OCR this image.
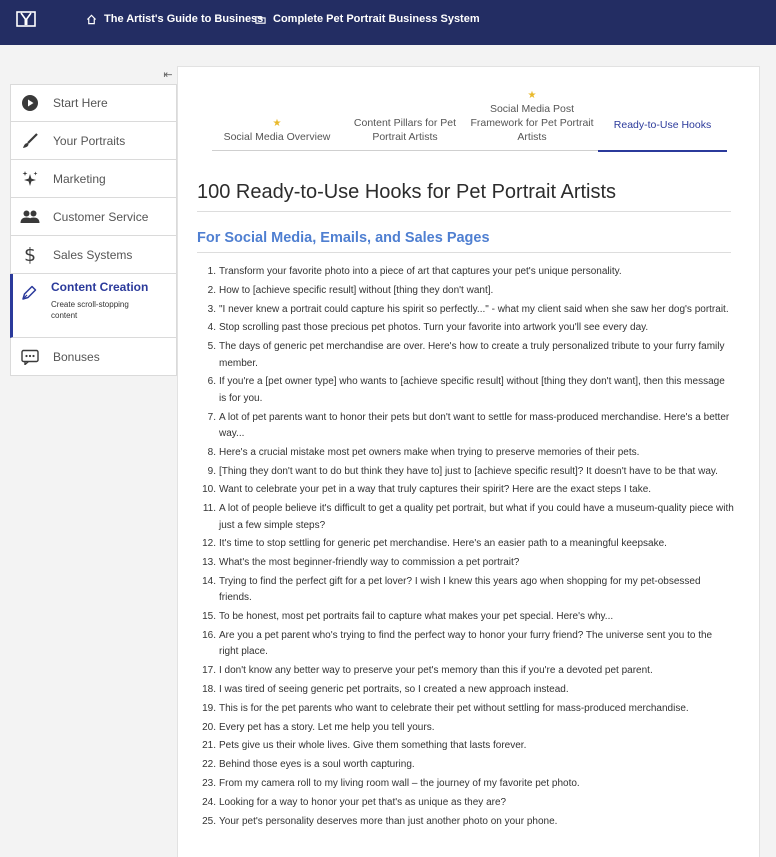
The Artist's Guide to Business Complete Pet Portrait Business System
⇤
Start Here
Your Portraits
Marketing
Customer Service
$	Sales Systems
Content Creation
Create scroll-stopping content
Bonuses
★
Social Media Overview
Content Pillars for Pet Portrait Artists
★
Social Media Post Framework for Pet Portrait Artists
Ready-to-Use Hooks
100 Ready-to-Use Hooks for Pet Portrait Artists
For Social Media, Emails, and Sales Pages
1. Transform your favorite photo into a piece of art that captures your pet's unique personality.
2. How to [achieve specific result] without [thing they don't want].
3. "I never knew a portrait could capture his spirit so perfectly..." - what my client said when she saw her dog's portrait.
4. Stop scrolling past those precious pet photos. Turn your favorite into artwork you'll see every day.
5. The days of generic pet merchandise are over. Here's how to create a truly personalized tribute to your furry family member.
6. If you're a [pet owner type] who wants to [achieve specific result] without [thing they don't want], then this message is for you.
7. A lot of pet parents want to honor their pets but don't want to settle for mass-produced merchandise. Here's a better way...
8. Here's a crucial mistake most pet owners make when trying to preserve memories of their pets.
9. [Thing they don't want to do but think they have to] just to [achieve specific result]? It doesn't have to be that way.
10. Want to celebrate your pet in a way that truly captures their spirit? Here are the exact steps I take.
11. A lot of people believe it's difficult to get a quality pet portrait, but what if you could have a museum-quality piece with just a few simple steps?
12. It's time to stop settling for generic pet merchandise. Here's an easier path to a meaningful keepsake.
13. What's the most beginner-friendly way to commission a pet portrait?
14. Trying to find the perfect gift for a pet lover? I wish I knew this years ago when shopping for my pet-obsessed friends.
15. To be honest, most pet portraits fail to capture what makes your pet special. Here's why...
16. Are you a pet parent who's trying to find the perfect way to honor your furry friend? The universe sent you to the right place.
17. I don't know any better way to preserve your pet's memory than this if you're a devoted pet parent.
18. I was tired of seeing generic pet portraits, so I created a new approach instead.
19. This is for the pet parents who want to celebrate their pet without settling for mass-produced merchandise.
20. Every pet has a story. Let me help you tell yours.
21. Pets give us their whole lives. Give them something that lasts forever.
22. Behind those eyes is a soul worth capturing.
23. From my camera roll to my living room wall – the journey of my favorite pet photo.
24. Looking for a way to honor your pet that's as unique as they are?
25. Your pet's personality deserves more than just another photo on your phone.
